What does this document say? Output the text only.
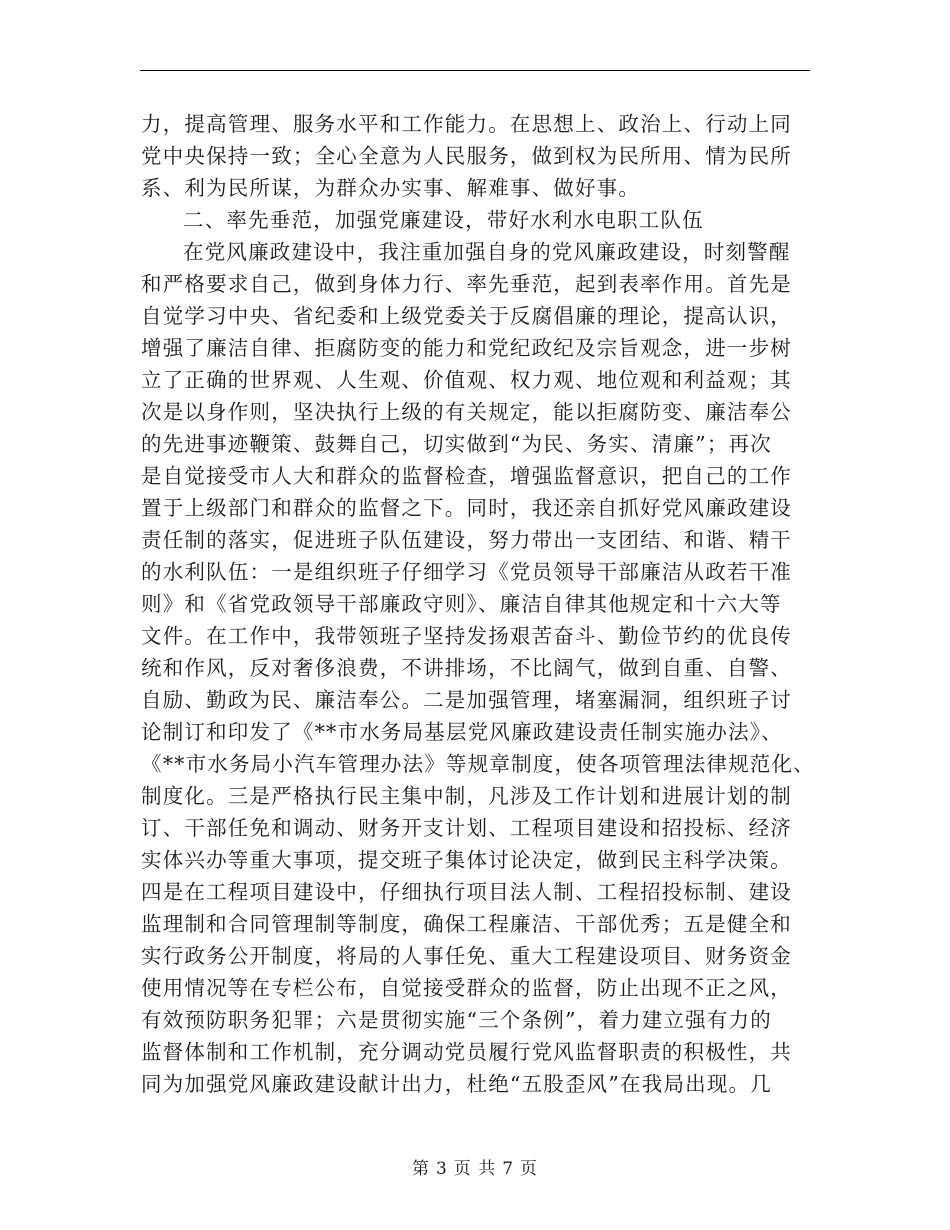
力，提高管理、服务水平和工作能力。在思想上、政治上、行动上同
党中央保持一致；全心全意为人民服务，做到权为民所用、情为民所
系、利为民所谋，为群众办实事、解难事、做好事。
二、率先垂范，加强党廉建设，带好水利水电职工队伍
在党风廉政建设中，我注重加强自身的党风廉政建设，时刻警醒
和严格要求自己，做到身体力行、率先垂范，起到表率作用。首先是
自觉学习中央、省纪委和上级党委关于反腐倡廉的理论，提高认识，
增强了廉洁自律、拒腐防变的能力和党纪政纪及宗旨观念，进一步树
立了正确的世界观、人生观、价值观、权力观、地位观和利益观；其
次是以身作则，坚决执行上级的有关规定，能以拒腐防变、廉洁奉公
的先进事迹鞭策、鼓舞自己，切实做到“为民、务实、清廉”；再次
是自觉接受市人大和群众的监督检查，增强监督意识，把自己的工作
置于上级部门和群众的监督之下。同时，我还亲自抓好党风廉政建设
责任制的落实，促进班子队伍建设，努力带出一支团结、和谐、精干
的水利队伍：一是组织班子仔细学习《党员领导干部廉洁从政若干准
则》和《省党政领导干部廉政守则》、廉洁自律其他规定和十六大等
文件。在工作中，我带领班子坚持发扬艰苦奋斗、勤俭节约的优良传
统和作风，反对奢侈浪费，不讲排场，不比阔气，做到自重、自警、
自励、勤政为民、廉洁奉公。二是加强管理，堵塞漏洞，组织班子讨
论制订和印发了《**市水务局基层党风廉政建设责任制实施办法》、
《**市水务局小汽车管理办法》等规章制度，使各项管理法律规范化、
制度化。三是严格执行民主集中制，凡涉及工作计划和进展计划的制
订、干部任免和调动、财务开支计划、工程项目建设和招投标、经济
实体兴办等重大事项，提交班子集体讨论决定，做到民主科学决策。
四是在工程项目建设中，仔细执行项目法人制、工程招投标制、建设
监理制和合同管理制等制度，确保工程廉洁、干部优秀；五是健全和
实行政务公开制度，将局的人事任免、重大工程建设项目、财务资金
使用情况等在专栏公布，自觉接受群众的监督，防止出现不正之风，
有效预防职务犯罪；六是贯彻实施“三个条例”，着力建立强有力的
监督体制和工作机制，充分调动党员履行党风监督职责的积极性，共
同为加强党风廉政建设献计出力，杜绝“五股歪风”在我局出现。几
第 3 页 共 7 页
